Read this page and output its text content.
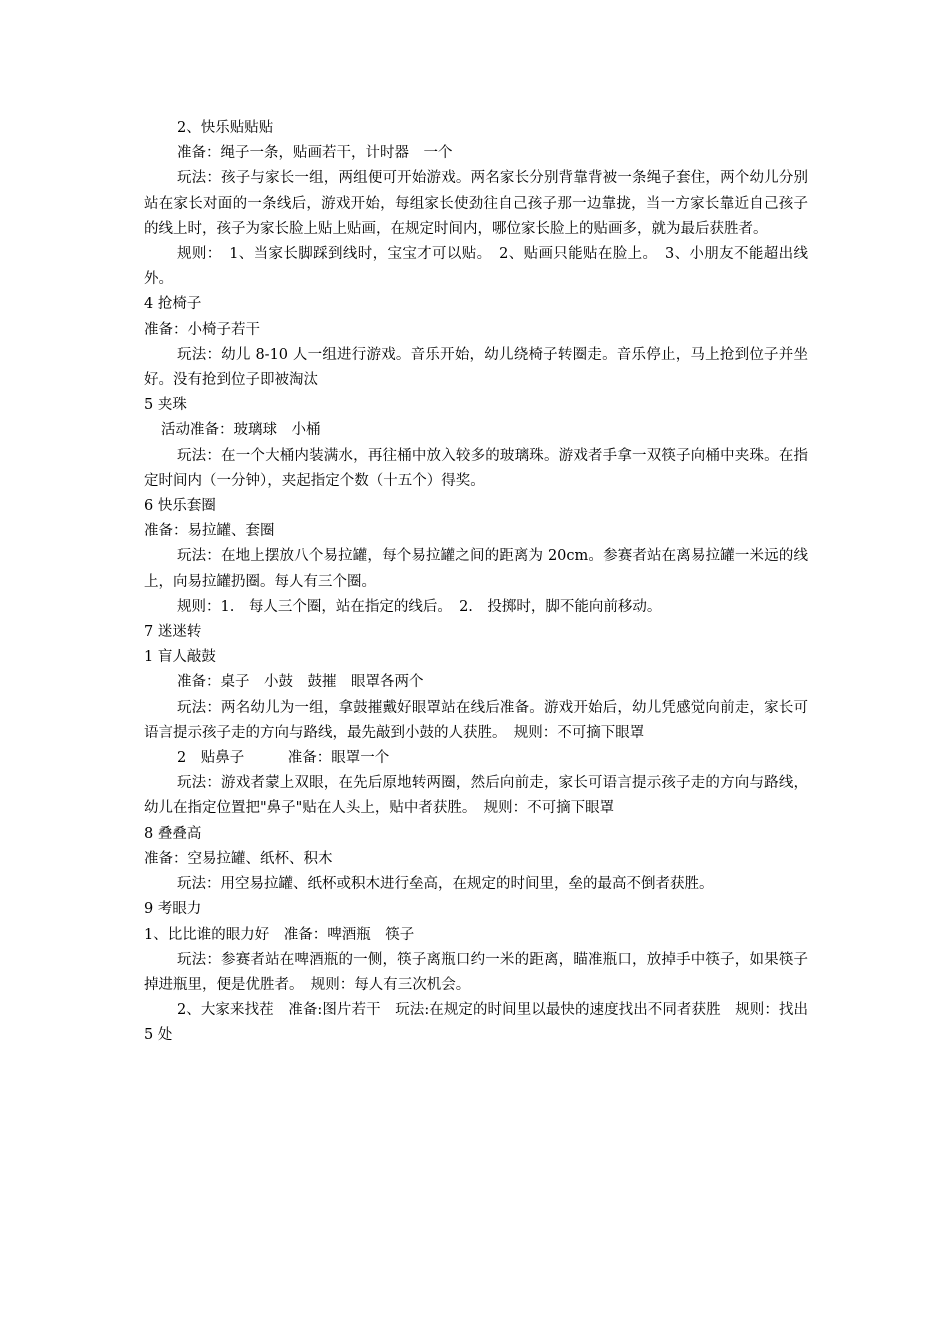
2、快乐贴贴贴
准备：绳子一条，贴画若干，计时器　一个
玩法：孩子与家长一组，两组便可开始游戏。两名家长分别背靠背被一条绳子套住，两个幼儿分别站在家长对面的一条线后，游戏开始，每组家长使劲往自己孩子那一边靠拢，当一方家长靠近自己孩子的线上时，孩子为家长脸上贴上贴画，在规定时间内，哪位家长脸上的贴画多，就为最后获胜者。
规则：　1、当家长脚踩到线时，宝宝才可以贴。　2、贴画只能贴在脸上。　3、小朋友不能超出线外。
4 抢椅子
准备：小椅子若干
玩法：幼儿 8-10 人一组进行游戏。音乐开始，幼儿绕椅子转圈走。音乐停止，马上抢到位子并坐好。没有抢到位子即被淘汰
5 夹珠
活动准备：玻璃球　小桶
玩法：在一个大桶内装满水，再往桶中放入较多的玻璃珠。游戏者手拿一双筷子向桶中夹珠。在指定时间内（一分钟），夹起指定个数（十五个）得奖。
6 快乐套圈
准备：易拉罐、套圈
玩法：在地上摆放八个易拉罐，每个易拉罐之间的距离为 20cm。参赛者站在离易拉罐一米远的线上，向易拉罐扔圈。每人有三个圈。
规则：1.　每人三个圈，站在指定的线后。　2.　投掷时，脚不能向前移动。
7 迷迷转
1 盲人敲鼓
准备：桌子　小鼓　鼓摧　眼罩各两个
玩法：两名幼儿为一组，拿鼓摧戴好眼罩站在线后准备。游戏开始后，幼儿凭感觉向前走，家长可语言提示孩子走的方向与路线，最先敲到小鼓的人获胜。　规则：不可摘下眼罩
2　贴鼻子　　　准备：眼罩一个
玩法：游戏者蒙上双眼，在先后原地转两圈，然后向前走，家长可语言提示孩子走的方向与路线，幼儿在指定位置把"鼻子"贴在人头上，贴中者获胜。　规则：不可摘下眼罩
8 叠叠高
准备：空易拉罐、纸杯、积木
玩法：用空易拉罐、纸杯或积木进行垒高，在规定的时间里，垒的最高不倒者获胜。
9 考眼力
1、比比谁的眼力好　准备：啤酒瓶　筷子
玩法：参赛者站在啤酒瓶的一侧，筷子离瓶口约一米的距离，瞄准瓶口，放掉手中筷子，如果筷子掉进瓶里，便是优胜者。　规则：每人有三次机会。
2、大家来找茬　准备:图片若干　玩法:在规定的时间里以最快的速度找出不同者获胜　规则：找出 5 处
